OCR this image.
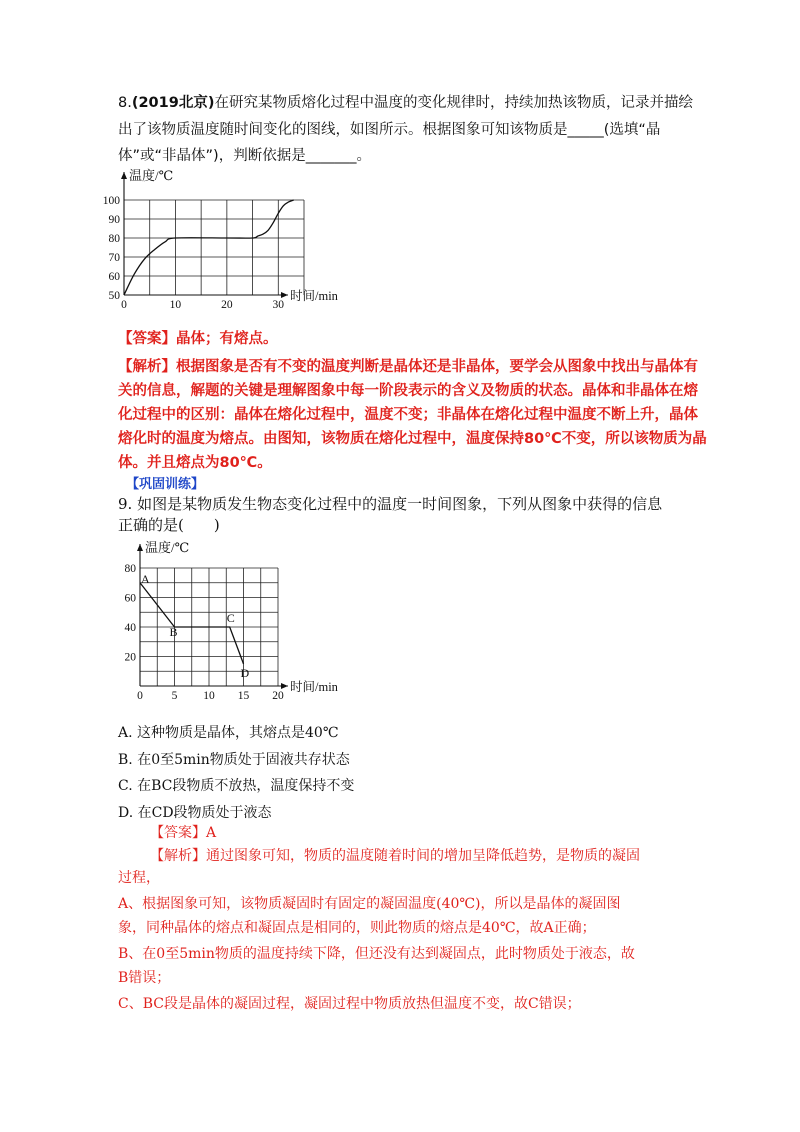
8.(2019北京)在研究某物质熔化过程中温度的变化规律时，持续加热该物质，记录并描绘
出了该物质温度随时间变化的图线，如图所示。根据图象可知该物质是_____(选填“晶
体”或“非晶体”)，判断依据是_______。
0	10	20	30
50
60
70
80
90
100
温度/℃
时间/min
【答案】晶体；有熔点。
【解析】根据图象是否有不变的温度判断是晶体还是非晶体，要学会从图象中找出与晶体有
关的信息，解题的关键是理解图象中每一阶段表示的含义及物质的状态。晶体和非晶体在熔
化过程中的区别：晶体在熔化过程中，温度不变；非晶体在熔化过程中温度不断上升，晶体
熔化时的温度为熔点。由图知，该物质在熔化过程中，温度保持80℃不变，所以该物质为晶
体。并且熔点为80℃。
【巩固训练】
9. 如图是某物质发生物态变化过程中的温度一时间图象，下列从图象中获得的信息
正确的是(　　)
0	5 10 15 20
20
40
60
80
温度/℃
时间/min
A
B
C
D
A. 这种物质是晶体，其熔点是40℃
B. 在0至5min物质处于固液共存状态
C. 在BC段物质不放热，温度保持不变
D. 在CD段物质处于液态
【答案】A
【解析】通过图象可知，物质的温度随着时间的增加呈降低趋势，是物质的凝固
过程，
A、根据图象可知，该物质凝固时有固定的凝固温度(40℃)，所以是晶体的凝固图
象，同种晶体的熔点和凝固点是相同的，则此物质的熔点是40℃，故A正确；
B、在0至5min物质的温度持续下降，但还没有达到凝固点，此时物质处于液态，故
B错误；
C、BC段是晶体的凝固过程，凝固过程中物质放热但温度不变，故C错误；
